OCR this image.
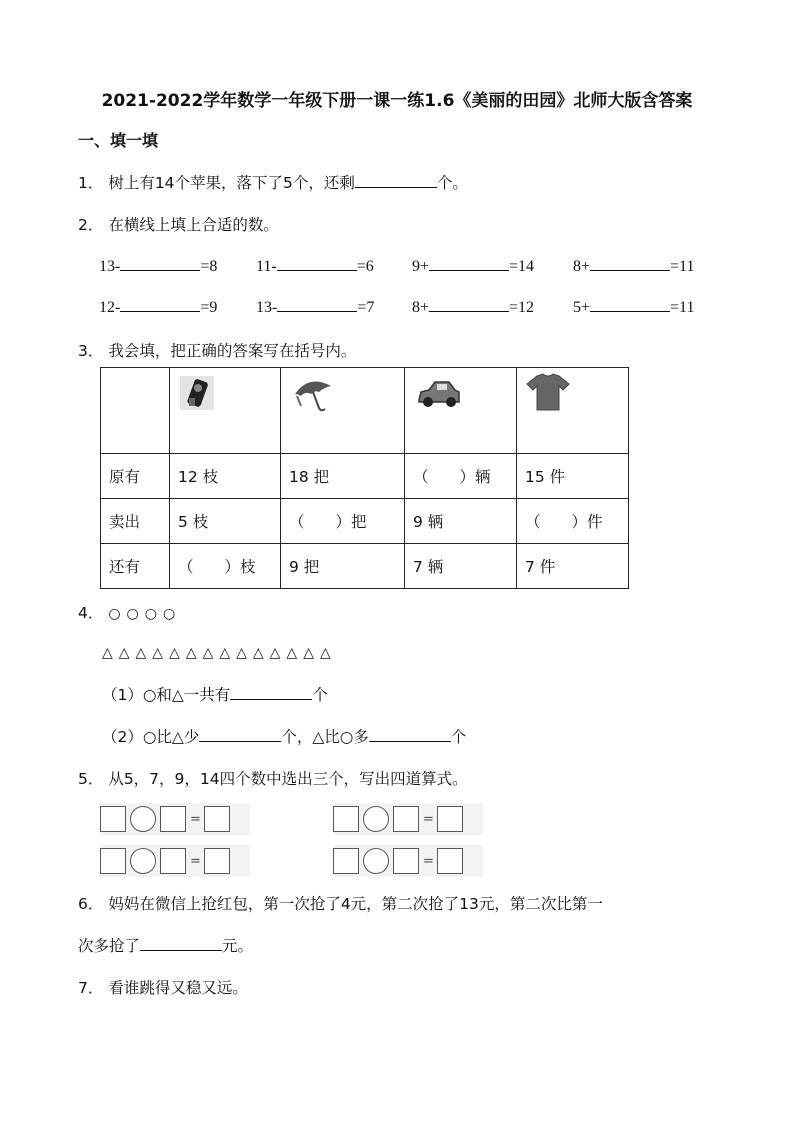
2021-2022学年数学一年级下册一课一练1.6《美丽的田园》北师大版含答案
一、填一填
1． 树上有14个苹果，落下了5个，还剩	个。
2． 在横线上填上合适的数。
13-	=8 11-	=6 9+	=14 8+	=11
12-	=9 13-	=7 8+	=12 5+	=11
3． 我会填，把正确的答案写在括号内。

原有	12 枝	18 把	（　　）辆	15 件
卖出	5 枝	（　　）把	9 辆	（　　）件
还有	（　　）枝	9 把	7 辆	7 件
4． ○○○○
△△△△△△△△△△△△△△
（1）○和△一共有	个
（2）○比△少	个，△比○多	个
5． 从5，7，9，14四个数中选出三个，写出四道算式。
=	=
=	=
6． 妈妈在微信上抢红包，第一次抢了4元，第二次抢了13元，第二次比第一
次多抢了	元。
7． 看谁跳得又稳又远。
